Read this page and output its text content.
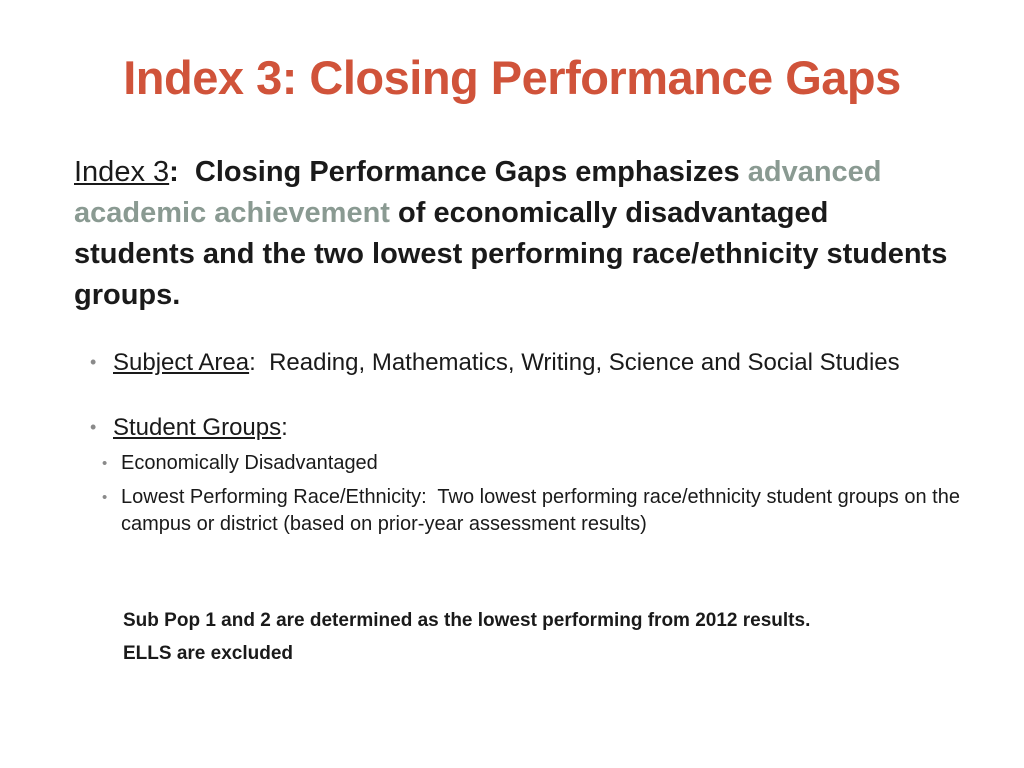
Index 3: Closing Performance Gaps

Index 3:  Closing Performance Gaps emphasizes advanced academic achievement of economically disadvantaged students and the two lowest performing race/ethnicity students groups.

• Subject Area:  Reading, Mathematics, Writing, Science and Social Studies
• Student Groups:
• Economically Disadvantaged
• Lowest Performing Race/Ethnicity:  Two lowest performing race/ethnicity student groups on the campus or district (based on prior-year assessment results)

Sub Pop 1 and 2 are determined as the lowest performing from 2012 results.

ELLS are excluded
